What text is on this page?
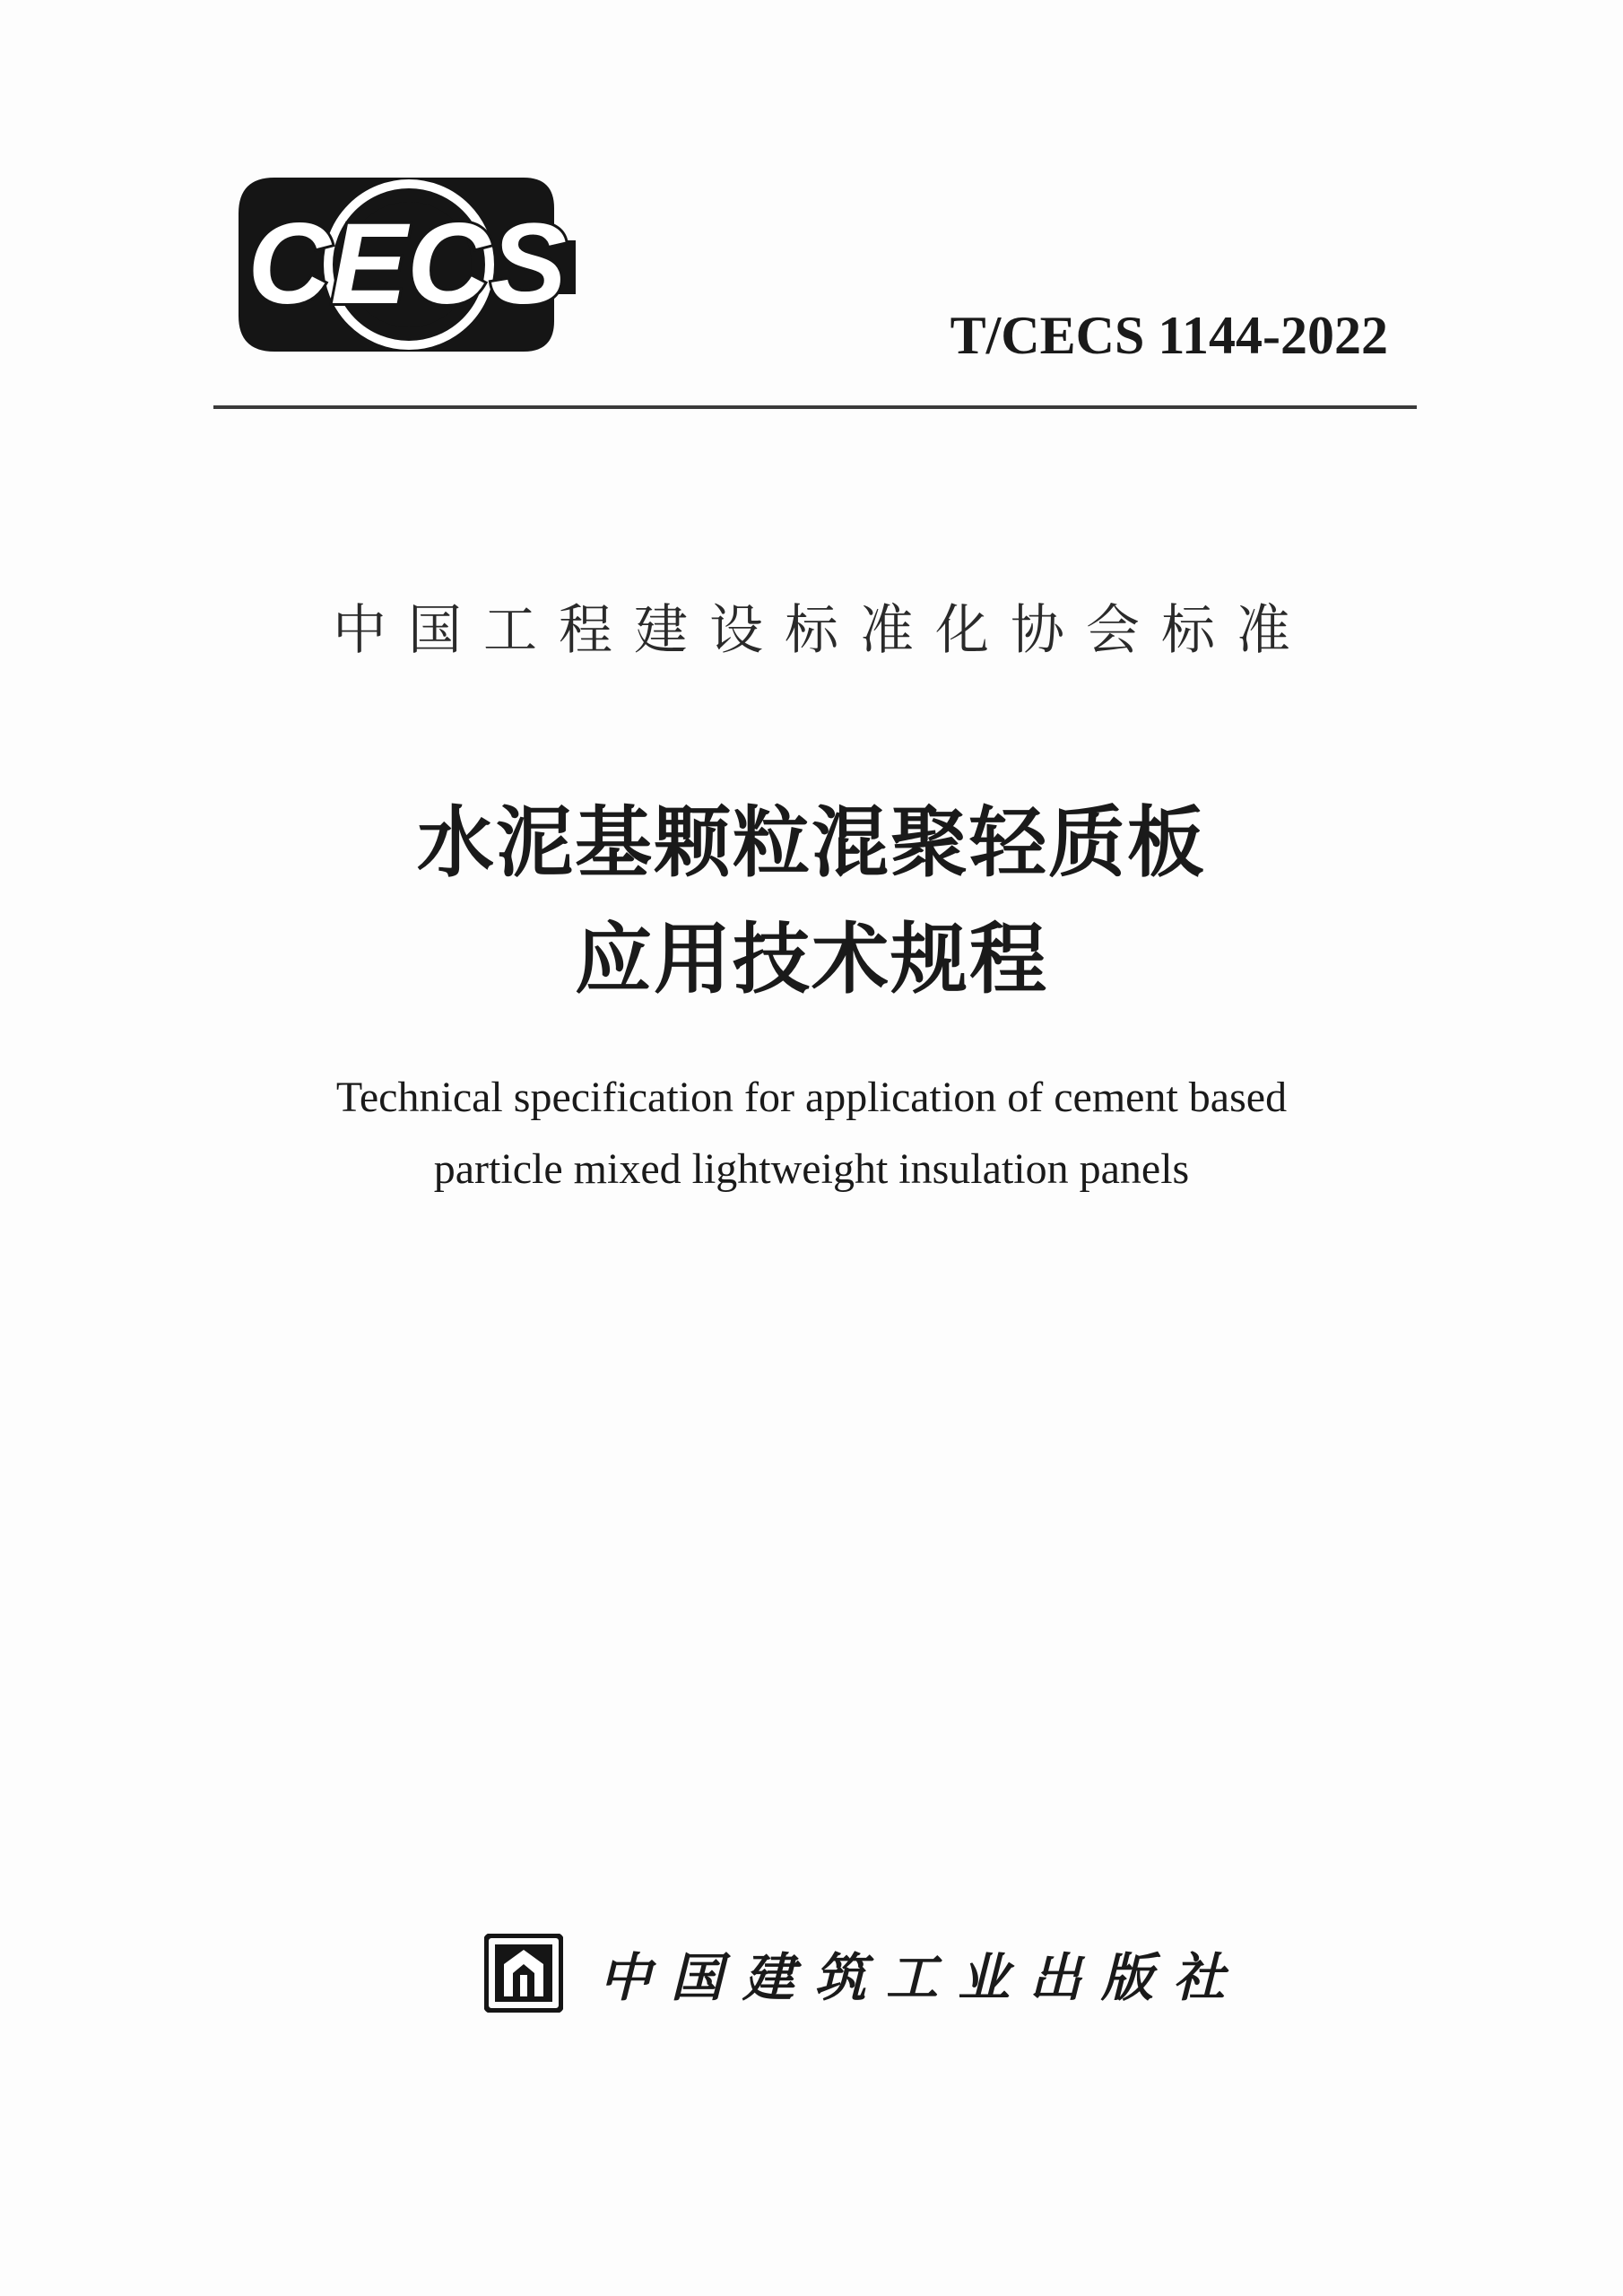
CECS
T/CECS 1144-2022
中国工程建设标准化协会标准
水泥基颗粒混聚轻质板
应用技术规程
Technical specification for application of cement based
particle mixed lightweight insulation panels
中国建筑工业出版社
